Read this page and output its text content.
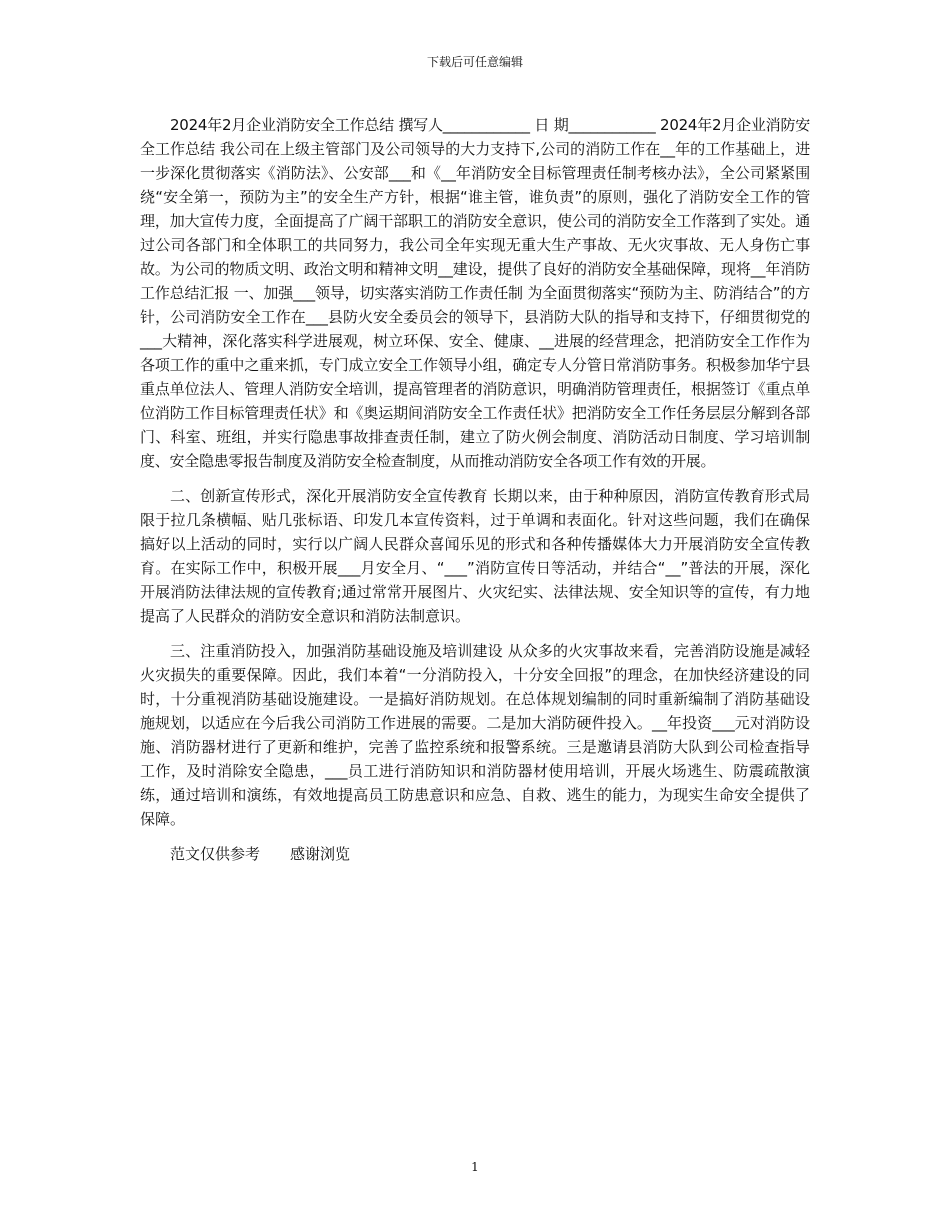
下载后可任意编辑

2024年2月企业消防安全工作总结 撰写人____________ 日 期____________ 2024年2月企业消防安全工作总结 我公司在上级主管部门及公司领导的大力支持下,公司的消防工作在__年的工作基础上，进一步深化贯彻落实《消防法》、公安部___和《__年消防安全目标管理责任制考核办法》，全公司紧紧围绕“安全第一，预防为主”的安全生产方针，根据“谁主管，谁负责”的原则，强化了消防安全工作的管理，加大宣传力度，全面提高了广阔干部职工的消防安全意识，使公司的消防安全工作落到了实处。通过公司各部门和全体职工的共同努力，我公司全年实现无重大生产事故、无火灾事故、无人身伤亡事故。为公司的物质文明、政治文明和精神文明__建设，提供了良好的消防安全基础保障，现将__年消防工作总结汇报 一、加强___领导，切实落实消防工作责任制 为全面贯彻落实“预防为主、防消结合”的方针，公司消防安全工作在___县防火安全委员会的领导下，县消防大队的指导和支持下，仔细贯彻党的___大精神，深化落实科学进展观，树立环保、安全、健康、__进展的经营理念，把消防安全工作作为各项工作的重中之重来抓，专门成立安全工作领导小组，确定专人分管日常消防事务。积极参加华宁县重点单位法人、管理人消防安全培训，提高管理者的消防意识，明确消防管理责任，根据签订《重点单位消防工作目标管理责任状》和《奥运期间消防安全工作责任状》把消防安全工作任务层层分解到各部门、科室、班组，并实行隐患事故排查责任制，建立了防火例会制度、消防活动日制度、学习培训制度、安全隐患零报告制度及消防安全检查制度，从而推动消防安全各项工作有效的开展。

二、创新宣传形式，深化开展消防安全宣传教育 长期以来，由于种种原因，消防宣传教育形式局限于拉几条横幅、贴几张标语、印发几本宣传资料，过于单调和表面化。针对这些问题，我们在确保搞好以上活动的同时，实行以广阔人民群众喜闻乐见的形式和各种传播媒体大力开展消防安全宣传教育。在实际工作中，积极开展___月安全月、“___”消防宣传日等活动，并结合“__”普法的开展，深化开展消防法律法规的宣传教育;通过常常开展图片、火灾纪实、法律法规、安全知识等的宣传，有力地提高了人民群众的消防安全意识和消防法制意识。

三、注重消防投入，加强消防基础设施及培训建设 从众多的火灾事故来看，完善消防设施是减轻火灾损失的重要保障。因此，我们本着“一分消防投入，十分安全回报”的理念，在加快经济建设的同时，十分重视消防基础设施建设。一是搞好消防规划。在总体规划编制的同时重新编制了消防基础设施规划，以适应在今后我公司消防工作进展的需要。二是加大消防硬件投入。__年投资___元对消防设施、消防器材进行了更新和维护，完善了监控系统和报警系统。三是邀请县消防大队到公司检查指导工作，及时消除安全隐患，___员工进行消防知识和消防器材使用培训，开展火场逃生、防震疏散演练，通过培训和演练，有效地提高员工防患意识和应急、自救、逃生的能力，为现实生命安全提供了保障。

范文仅供参考 感谢浏览

1
